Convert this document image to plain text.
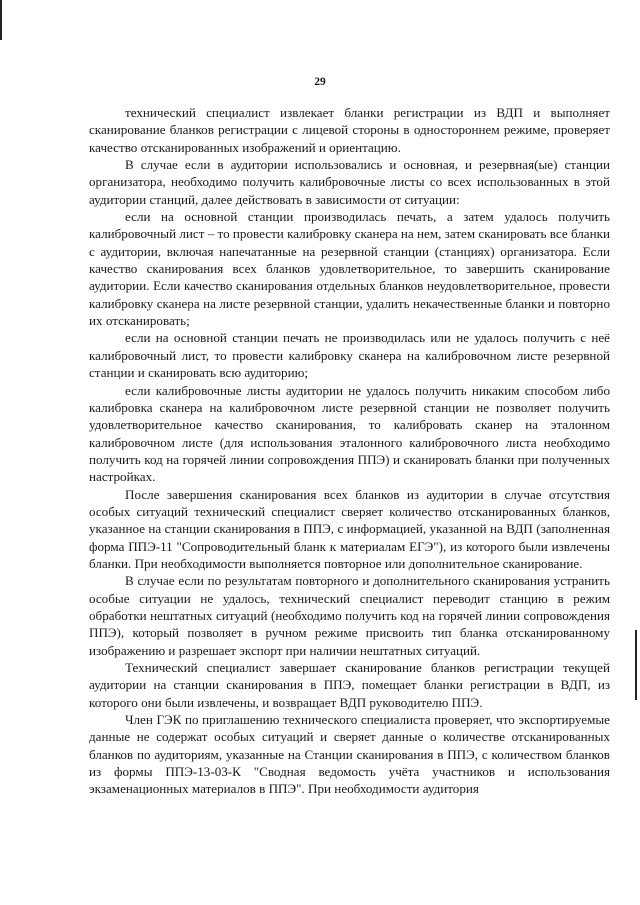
29

технический специалист извлекает бланки регистрации из ВДП и выполняет сканирование бланков регистрации с лицевой стороны в одностороннем режиме, проверяет качество отсканированных изображений и ориентацию.

В случае если в аудитории использовались и основная, и резервная(ые) станции организатора, необходимо получить калибровочные листы со всех использованных в этой аудитории станций, далее действовать в зависимости от ситуации:

если на основной станции производилась печать, а затем удалось получить калибровочный лист – то провести калибровку сканера на нем, затем сканировать все бланки с аудитории, включая напечатанные на резервной станции (станциях) организатора. Если качество сканирования всех бланков удовлетворительное, то завершить сканирование аудитории. Если качество сканирования отдельных бланков неудовлетворительное, провести калибровку сканера на листе резервной станции, удалить некачественные бланки и повторно их отсканировать;

если на основной станции печать не производилась или не удалось получить с неё калибровочный лист, то провести калибровку сканера на калибровочном листе резервной станции и сканировать всю аудиторию;

если калибровочные листы аудитории не удалось получить никаким способом либо калибровка сканера на калибровочном листе резервной станции не позволяет получить удовлетворительное качество сканирования, то калибровать сканер на эталонном калибровочном листе (для использования эталонного калибровочного листа необходимо получить код на горячей линии сопровождения ППЭ) и сканировать бланки при полученных настройках.

После завершения сканирования всех бланков из аудитории в случае отсутствия особых ситуаций технический специалист сверяет количество отсканированных бланков, указанное на станции сканирования в ППЭ, с информацией, указанной на ВДП (заполненная форма ППЭ-11 "Сопроводительный бланк к материалам ЕГЭ"), из которого были извлечены бланки. При необходимости выполняется повторное или дополнительное сканирование.

В случае если по результатам повторного и дополнительного сканирования устранить особые ситуации не удалось, технический специалист переводит станцию в режим обработки нештатных ситуаций (необходимо получить код на горячей линии сопровождения ППЭ), который позволяет в ручном режиме присвоить тип бланка отсканированному изображению и разрешает экспорт при наличии нештатных ситуаций.

Технический специалист завершает сканирование бланков регистрации текущей аудитории на станции сканирования в ППЭ, помещает бланки регистрации в ВДП, из которого они были извлечены, и возвращает ВДП руководителю ППЭ.

Член ГЭК по приглашению технического специалиста проверяет, что экспортируемые данные не содержат особых ситуаций и сверяет данные о количестве отсканированных бланков по аудиториям, указанные на Станции сканирования в ППЭ, с количеством бланков из формы ППЭ-13-03-К "Сводная ведомость учёта участников и использования экзаменационных материалов в ППЭ". При необходимости аудитория
